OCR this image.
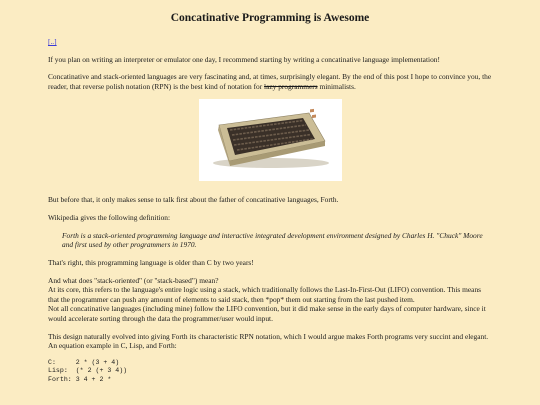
Concatinative Programming is Awesome

[..]

If you plan on writing an interpreter or emulator one day, I recommend starting by writing a concatinative language implementation!

Concatinative and stack-oriented languages are very fascinating and, at times, surprisingly elegant. By the end of this post I hope to convince you, the reader, that reverse polish notation (RPN) is the best kind of notation for lazy programmers minimalists.

But before that, it only makes sense to talk first about the father of concatinative languages, Forth.

Wikipedia gives the following definition:

Forth is a stack-oriented programming language and interactive integrated development environment designed by Charles H. "Chuck" Moore and first used by other programmers in 1970.

That's right, this programming language is older than C by two years!

And what does "stack-oriented" (or "stack-based") mean?
At its core, this refers to the language's entire logic using a stack, which traditionally follows the Last-In-First-Out (LIFO) convention. This means that the programmer can push any amount of elements to said stack, then *pop* them out starting from the last pushed item.
Not all concatinative languages (including mine) follow the LIFO convention, but it did make sense in the early days of computer hardware, since it would accelerate sorting through the data the programmer/user would input.

This design naturally evolved into giving Forth its characteristic RPN notation, which I would argue makes Forth programs very succint and elegant.
An equation example in C, Lisp, and Forth:

C:     2 * (3 + 4)
Lisp:  (* 2 (+ 3 4))
Forth: 3 4 + 2 *
